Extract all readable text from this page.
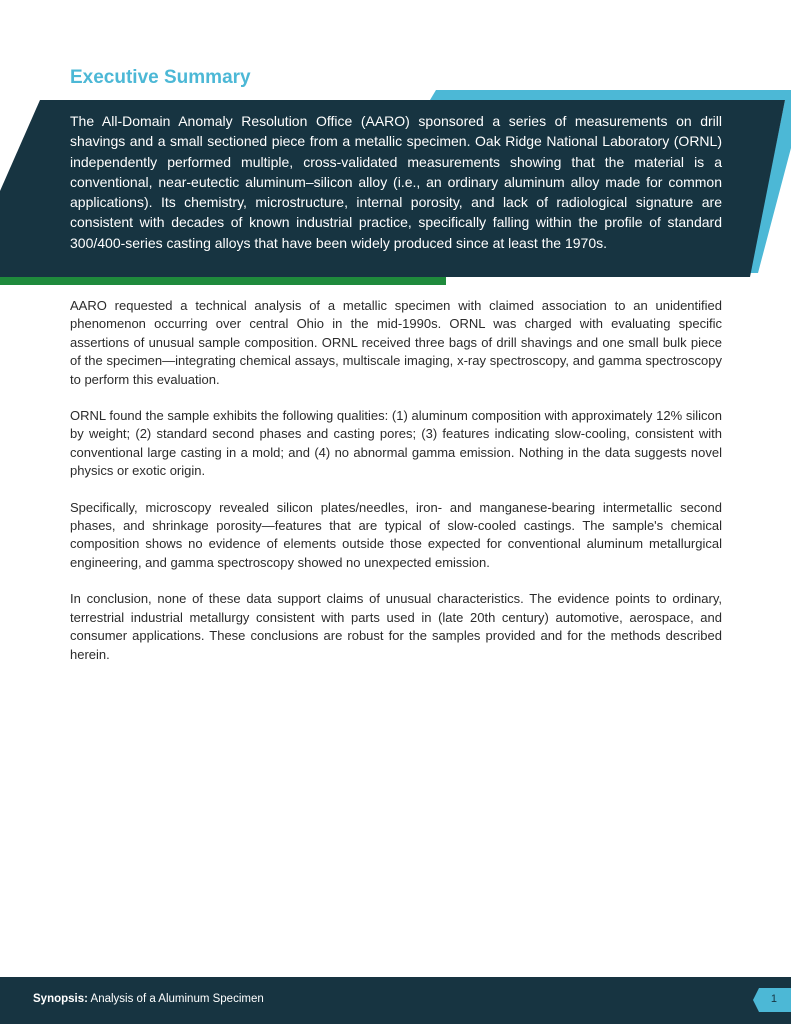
Executive Summary

The All-Domain Anomaly Resolution Office (AARO) sponsored a series of measurements on drill shavings and a small sectioned piece from a metallic specimen. Oak Ridge National Laboratory (ORNL) independently performed multiple, cross-validated measurements showing that the material is a conventional, near-eutectic aluminum–silicon alloy (i.e., an ordinary aluminum alloy made for common applications). Its chemistry, microstructure, internal porosity, and lack of radiological signature are consistent with decades of known industrial practice, specifically falling within the profile of standard 300/400-series casting alloys that have been widely produced since at least the 1970s.

AARO requested a technical analysis of a metallic specimen with claimed association to an unidentified phenomenon occurring over central Ohio in the mid-1990s. ORNL was charged with evaluating specific assertions of unusual sample composition. ORNL received three bags of drill shavings and one small bulk piece of the specimen—integrating chemical assays, multiscale imaging, x-ray spectroscopy, and gamma spectroscopy to perform this evaluation.

ORNL found the sample exhibits the following qualities: (1) aluminum composition with approximately 12% silicon by weight; (2) standard second phases and casting pores; (3) features indicating slow-cooling, consistent with conventional large casting in a mold; and (4) no abnormal gamma emission. Nothing in the data suggests novel physics or exotic origin.

Specifically, microscopy revealed silicon plates/needles, iron- and manganese-bearing intermetallic second phases, and shrinkage porosity—features that are typical of slow-cooled castings. The sample's chemical composition shows no evidence of elements outside those expected for conventional aluminum metallurgical engineering, and gamma spectroscopy showed no unexpected emission.

In conclusion, none of these data support claims of unusual characteristics. The evidence points to ordinary, terrestrial industrial metallurgy consistent with parts used in (late 20th century) automotive, aerospace, and consumer applications. These conclusions are robust for the samples provided and for the methods described herein.

Synopsis: Analysis of a Aluminum Specimen	1
